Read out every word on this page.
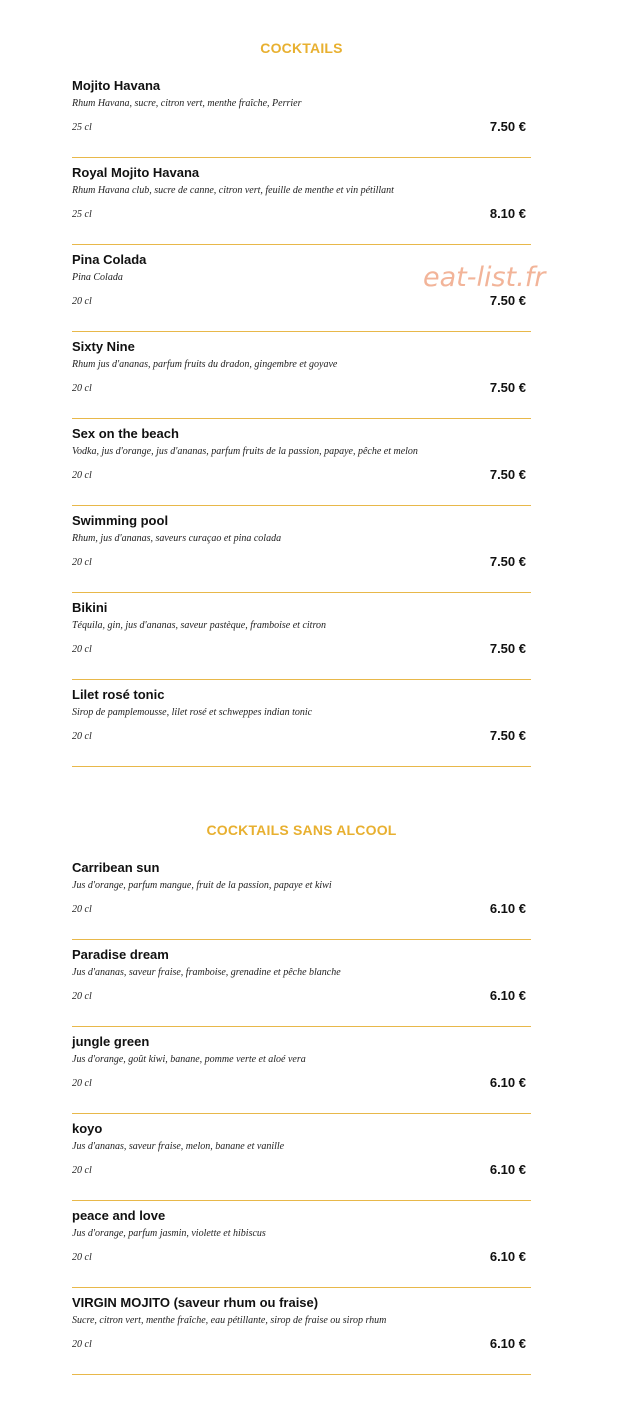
COCKTAILS
Mojito Havana
Rhum Havana, sucre, citron vert, menthe fraîche, Perrier
25 cl	7.50 €
Royal Mojito Havana
Rhum Havana club, sucre de canne, citron vert, feuille de menthe et vin pétillant
25 cl	8.10 €
Pina Colada
Pina Colada
20 cl	7.50 €
Sixty Nine
Rhum jus d'ananas, parfum fruits du dradon, gingembre et goyave
20 cl	7.50 €
Sex on the beach
Vodka, jus d'orange, jus d'ananas, parfum fruits de la passion, papaye, pêche et melon
20 cl	7.50 €
Swimming pool
Rhum, jus d'ananas, saveurs curaçao et pina colada
20 cl	7.50 €
Bikini
Téquila, gin, jus d'ananas, saveur pastèque, framboise et citron
20 cl	7.50 €
Lilet rosé tonic
Sirop de pamplemousse, lilet rosé et schweppes indian tonic
20 cl	7.50 €
COCKTAILS SANS ALCOOL
Carribean sun
Jus d'orange, parfum mangue, fruit de la passion, papaye et kiwi
20 cl	6.10 €
Paradise dream
Jus d'ananas, saveur fraise, framboise, grenadine et pêche blanche
20 cl	6.10 €
jungle green
Jus d'orange, goût kiwi, banane, pomme verte et aloé vera
20 cl	6.10 €
koyo
Jus d'ananas, saveur fraise, melon, banane et vanille
20 cl	6.10 €
peace and love
Jus d'orange, parfum jasmin, violette et hibiscus
20 cl	6.10 €
VIRGIN MOJITO (saveur rhum ou fraise)
Sucre, citron vert, menthe fraîche, eau pétillante, sirop de fraise ou sirop rhum
20 cl	6.10 €
eat-list.fr
